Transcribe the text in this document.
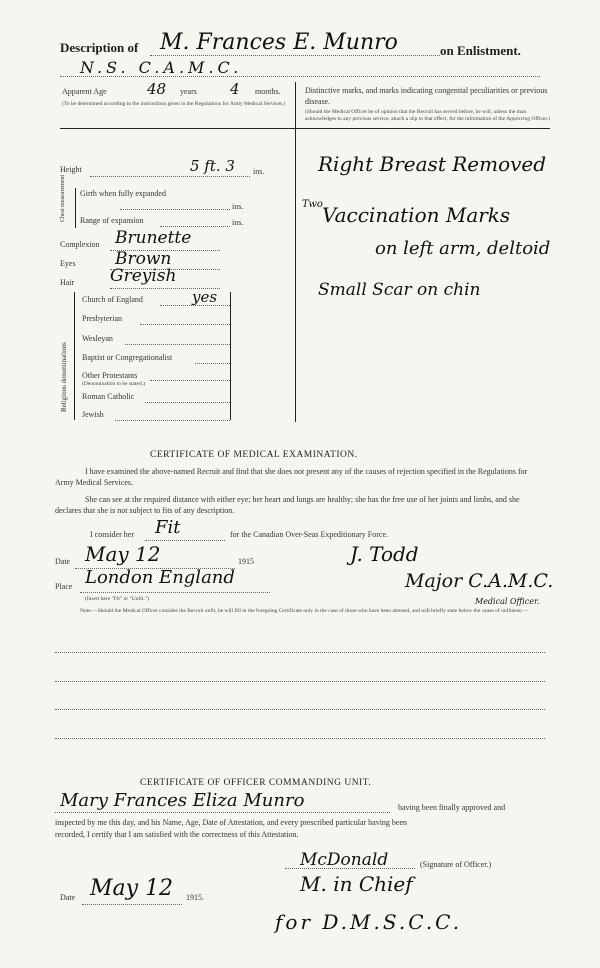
Description of M. Frances E. Munro	on Enlistment.
N.S. C.A.M.C.
Apparent Age	48 years 4 months.
(To be determined according to the instructions given in the Regulations for Army Medical Services.)
Distinctive marks, and marks indicating congenital peculiarities or previous disease.
(Should the Medical Officer be of opinion that the Recruit has served before, he will, unless the man acknowledges to any previous service, attach a slip to that effect, for the information of the Approving Officer.)
Right Breast Removed
Two Vaccination Marks
on left arm, deltoid
Small Scar on chin
Height	5 ft. 3 ins.
Chest measurement Girth when fully expanded
ins.
Range of expansion	ins.
Complexion Brunette
Eyes Brown
Hair Greyish
Religious denominations
Church of England	yes
Presbyterian
Wesleyan
Baptist or Congregationalist
Other Protestants
(Denomination to be stated.)
Roman Catholic
Jewish
CERTIFICATE OF MEDICAL EXAMINATION.
I have examined the above-named Recruit and find that she does not present any of the causes of rejection specified in the Regulations for Army Medical Services.
She can see at the required distance with either eye; her heart and lungs are healthy; she has the free use of her joints and limbs, and she declares that she is not subject to fits of any description.
I consider her Fit	for the Canadian Over-Seas Expeditionary Force.
Date May 12	1915
Place London England
(Insert here "Fit" or "Unfit.")
J. Todd
Major C.A.M.C.
Medical Officer.
Note.—Should the Medical Officer consider the Recruit unfit, he will fill in the foregoing Certificate only in the case of those who have been attested, and will briefly state below the cause of unfitness:—
CERTIFICATE OF OFFICER COMMANDING UNIT.
Mary Frances Eliza Munro	having been finally approved and
inspected by me this day, and his Name, Age, Date of Attestation, and every prescribed particular having been
recorded, I certify that I am satisfied with the correctness of this Attestation.
McDonald	(Signature of Officer.)
M. in Chief
Date May 12 1915.
for D.M.S.C.C.
